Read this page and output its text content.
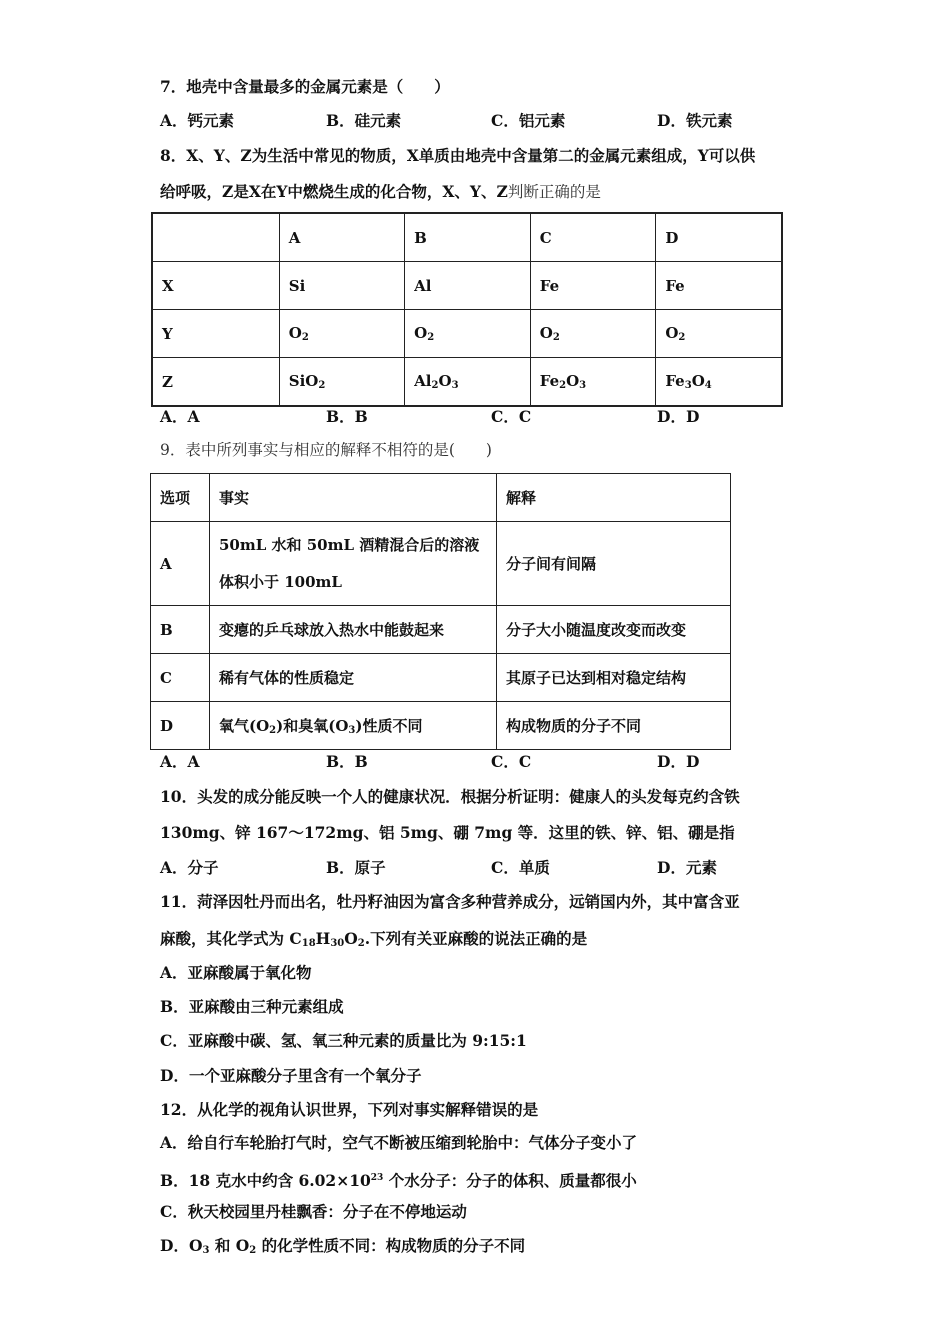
7．地壳中含量最多的金属元素是（　　）
A．钙元素	B．硅元素	C．铝元素	D．铁元素
8．X、Y、Z为生活中常见的物质，X单质由地壳中含量第二的金属元素组成，Y可以供
给呼吸，Z是X在Y中燃烧生成的化合物，X、Y、Z判断正确的是
	A	B	C	D
X	Si	Al	Fe	Fe
Y	$O_2$	$O_2$	$O_2$	$O_2$
Z	SiO$_2$	$Al_2O_3$	$Fe_2O_3$	$Fe_3O_4$
A．A	B．B	C．C	D．D
9．表中所列事实与相应的解释不相符的是(　　)
选项	事实	解释
A	50mL 水和 50mL 酒精混合后的溶液
体积小于 100mL	分子间有间隔
B	变瘪的乒乓球放入热水中能鼓起来	分子大小随温度改变而改变
C	稀有气体的性质稳定	其原子已达到相对稳定结构
D	氧气$(O_2)$和臭氧$(O_3)$性质不同	构成物质的分子不同
A．A	B．B	C．C	D．D
10．头发的成分能反映一个人的健康状况．根据分析证明：健康人的头发每克约含铁
130mg、锌 167～172mg、铝 5mg、硼 7mg 等．这里的铁、锌、铝、硼是指
A．分子	B．原子	C．单质	D．元素
11．菏泽因牡丹而出名，牡丹籽油因为富含多种营养成分，远销国内外，其中富含亚
麻酸，其化学式为 $C_{18}H_{30}O_2$.下列有关亚麻酸的说法正确的是
A．亚麻酸属于氧化物
B．亚麻酸由三种元素组成
C．亚麻酸中碳、氢、氧三种元素的质量比为 9:15:1
D．一个亚麻酸分子里含有一个氧分子
12．从化学的视角认识世界，下列对事实解释错误的是
A．给自行车轮胎打气时，空气不断被压缩到轮胎中：气体分子变小了
B．18 克水中约含 $6.02\times 10^{23}$ 个水分子：分子的体积、质量都很小
C．秋天校园里丹桂飘香：分子在不停地运动
D．$O_3$ 和 $O_2$ 的化学性质不同：构成物质的分子不同
